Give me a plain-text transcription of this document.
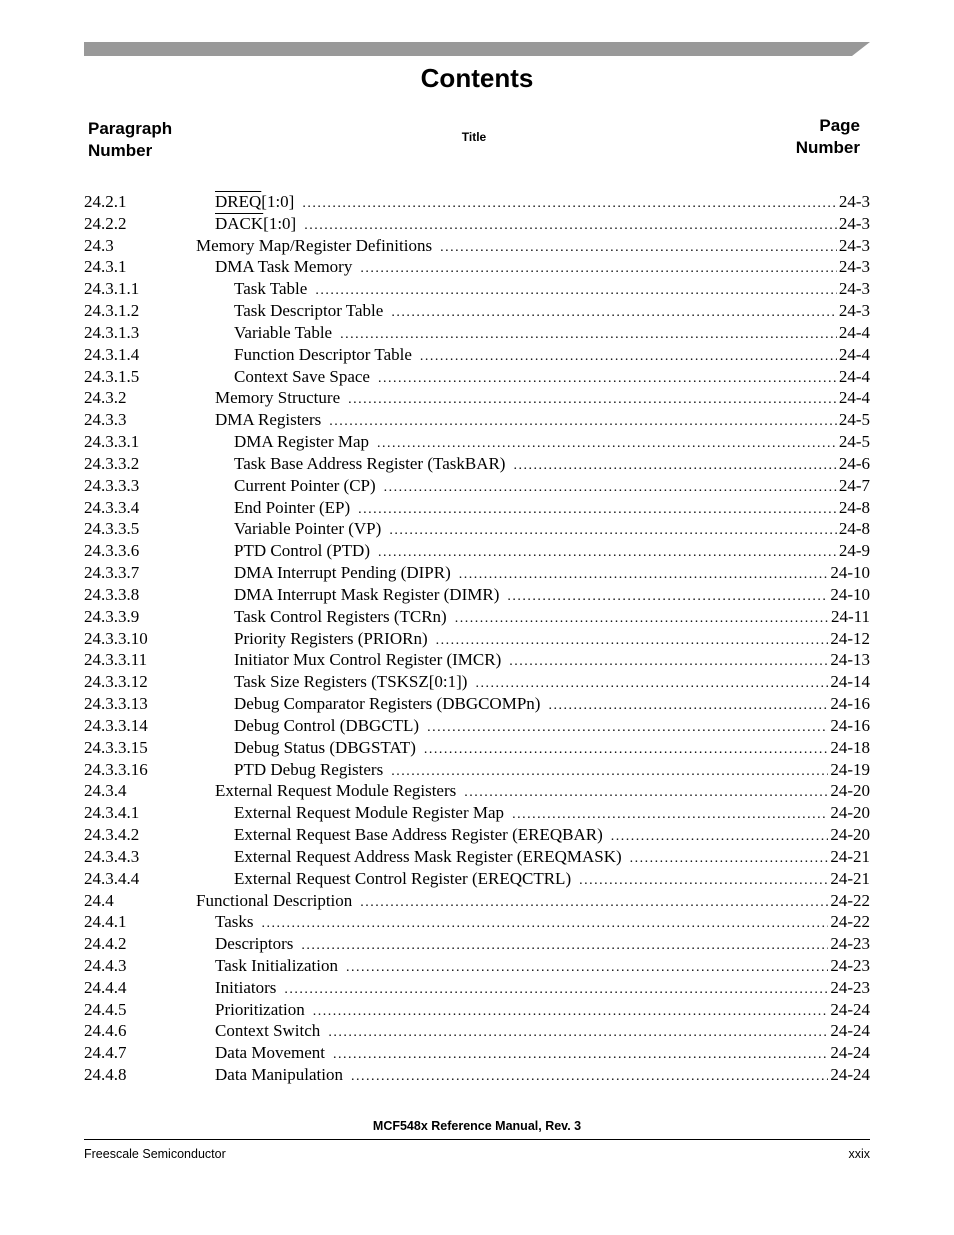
Contents
Paragraph
Number
Title
Page
Number
24.2.1	DREQ[1:0] .....	24-3
24.2.2	DACK[1:0] .....	24-3
24.3	Memory Map/Register Definitions .....	24-3
24.3.1	DMA Task Memory .....	24-3
24.3.1.1	Task Table .....	24-3
24.3.1.2	Task Descriptor Table .....	24-3
24.3.1.3	Variable Table .....	24-4
24.3.1.4	Function Descriptor Table .....	24-4
24.3.1.5	Context Save Space .....	24-4
24.3.2	Memory Structure .....	24-4
24.3.3	DMA Registers .....	24-5
24.3.3.1	DMA Register Map .....	24-5
24.3.3.2	Task Base Address Register (TaskBAR) .....	24-6
24.3.3.3	Current Pointer (CP) .....	24-7
24.3.3.4	End Pointer (EP) .....	24-8
24.3.3.5	Variable Pointer (VP) .....	24-8
24.3.3.6	PTD Control (PTD) .....	24-9
24.3.3.7	DMA Interrupt Pending (DIPR) .....	24-10
24.3.3.8	DMA Interrupt Mask Register (DIMR) .....	24-10
24.3.3.9	Task Control Registers (TCRn) .....	24-11
24.3.3.10	Priority Registers (PRIORn) .....	24-12
24.3.3.11	Initiator Mux Control Register (IMCR) .....	24-13
24.3.3.12	Task Size Registers (TSKSZ[0:1]) .....	24-14
24.3.3.13	Debug Comparator Registers (DBGCOMPn) .....	24-16
24.3.3.14	Debug Control (DBGCTL) .....	24-16
24.3.3.15	Debug Status (DBGSTAT) .....	24-18
24.3.3.16	PTD Debug Registers .....	24-19
24.3.4	External Request Module Registers .....	24-20
24.3.4.1	External Request Module Register Map .....	24-20
24.3.4.2	External Request Base Address Register (EREQBAR) .....	24-20
24.3.4.3	External Request Address Mask Register (EREQMASK) .....	24-21
24.3.4.4	External Request Control Register (EREQCTRL) .....	24-21
24.4	Functional Description .....	24-22
24.4.1	Tasks .....	24-22
24.4.2	Descriptors .....	24-23
24.4.3	Task Initialization .....	24-23
24.4.4	Initiators .....	24-23
24.4.5	Prioritization .....	24-24
24.4.6	Context Switch .....	24-24
24.4.7	Data Movement .....	24-24
24.4.8	Data Manipulation .....	24-24
MCF548x Reference Manual, Rev. 3
Freescale Semiconductor	xxix
